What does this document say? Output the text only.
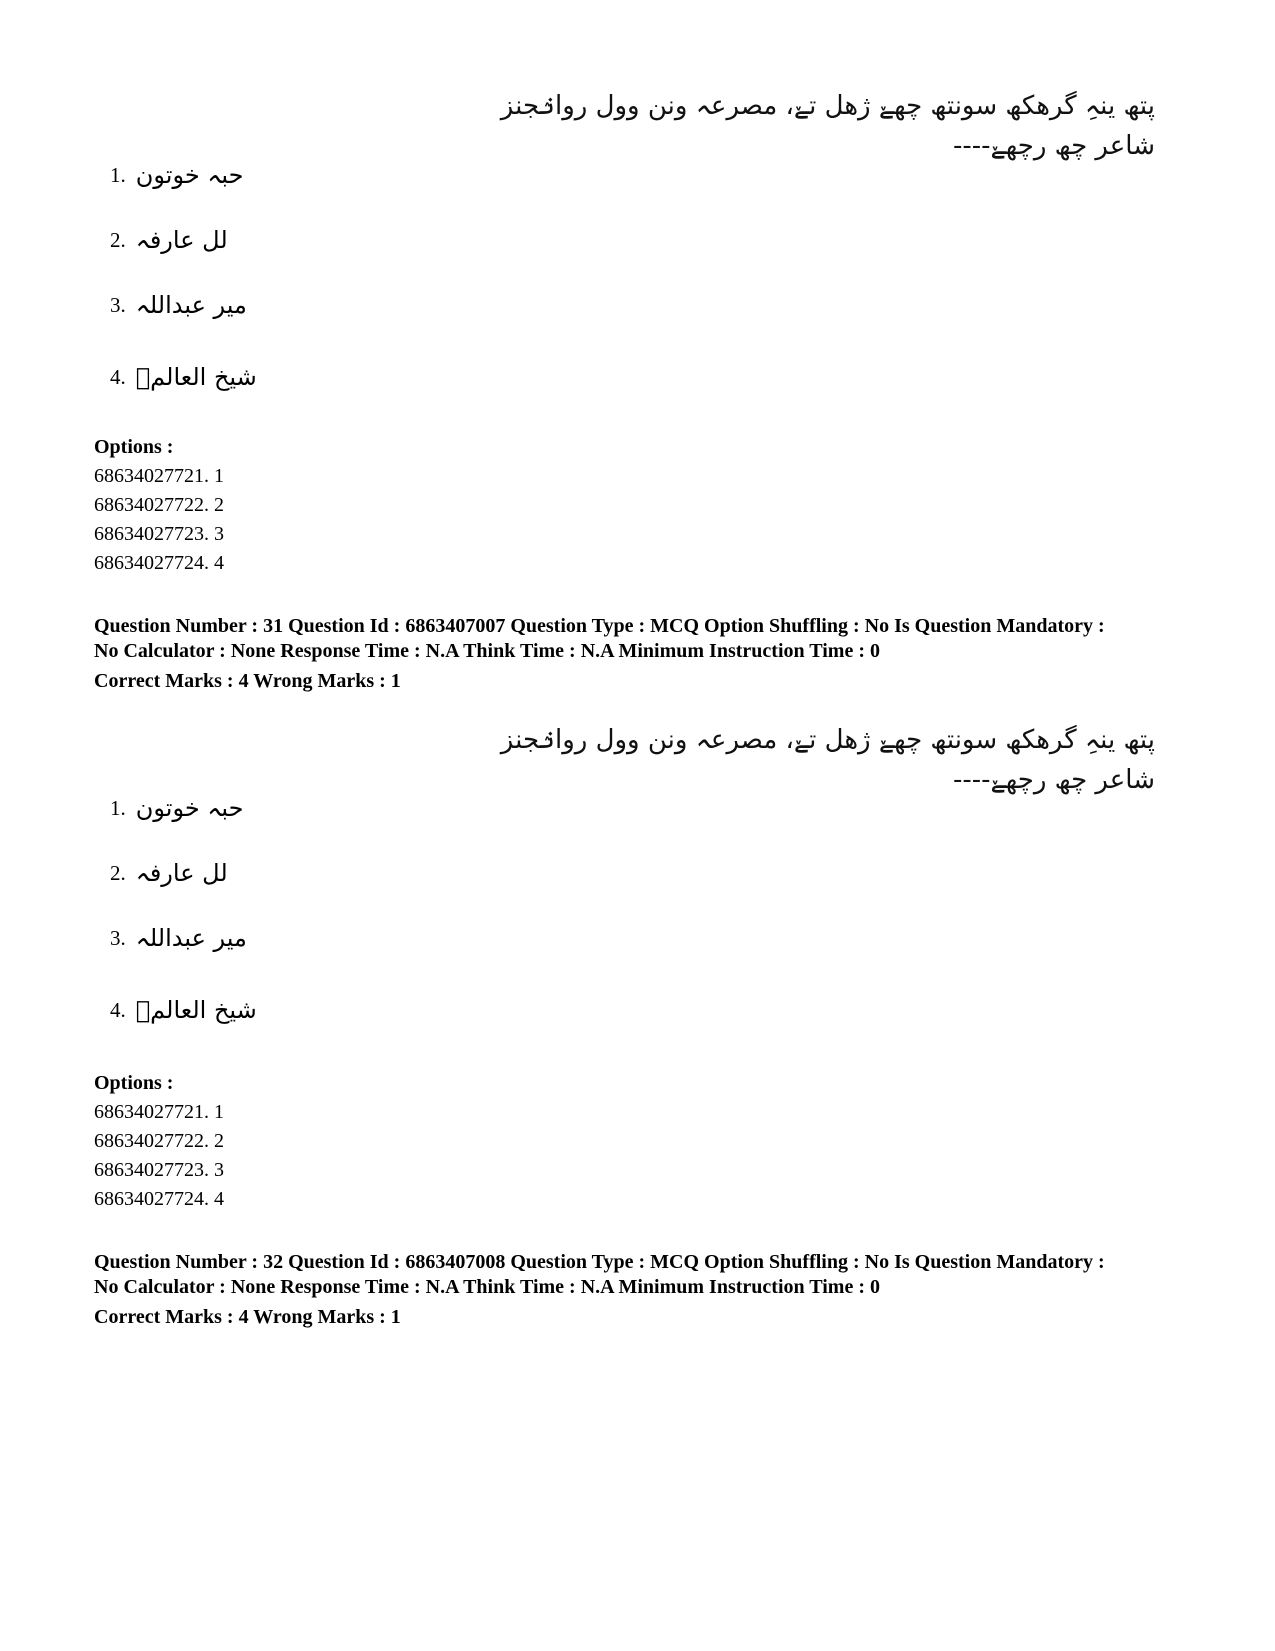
پتھ ینہِ گرھکھ سونتھ چھےٚ ژھل تےٚ، مصرعہ ونن وول روانٛجنز شاعر چھ رچھےٚ----
1. حبہ خوتون
2. لل عارفہ
3. میر عبداللہ
4. شیخ العالمؒ
Options :
68634027721. 1
68634027722. 2
68634027723. 3
68634027724. 4
Question Number : 31 Question Id : 6863407007 Question Type : MCQ Option Shuffling : No Is Question Mandatory :
No Calculator : None Response Time : N.A Think Time : N.A Minimum Instruction Time : 0
Correct Marks : 4 Wrong Marks : 1
پتھ ینہِ گرھکھ سونتھ چھےٚ ژھل تےٚ، مصرعہ ونن وول روانٛجنز شاعر چھ رچھےٚ----
1. حبہ خوتون
2. لل عارفہ
3. میر عبداللہ
4. شیخ العالمؒ
Options :
68634027721. 1
68634027722. 2
68634027723. 3
68634027724. 4
Question Number : 32 Question Id : 6863407008 Question Type : MCQ Option Shuffling : No Is Question Mandatory :
No Calculator : None Response Time : N.A Think Time : N.A Minimum Instruction Time : 0
Correct Marks : 4 Wrong Marks : 1
